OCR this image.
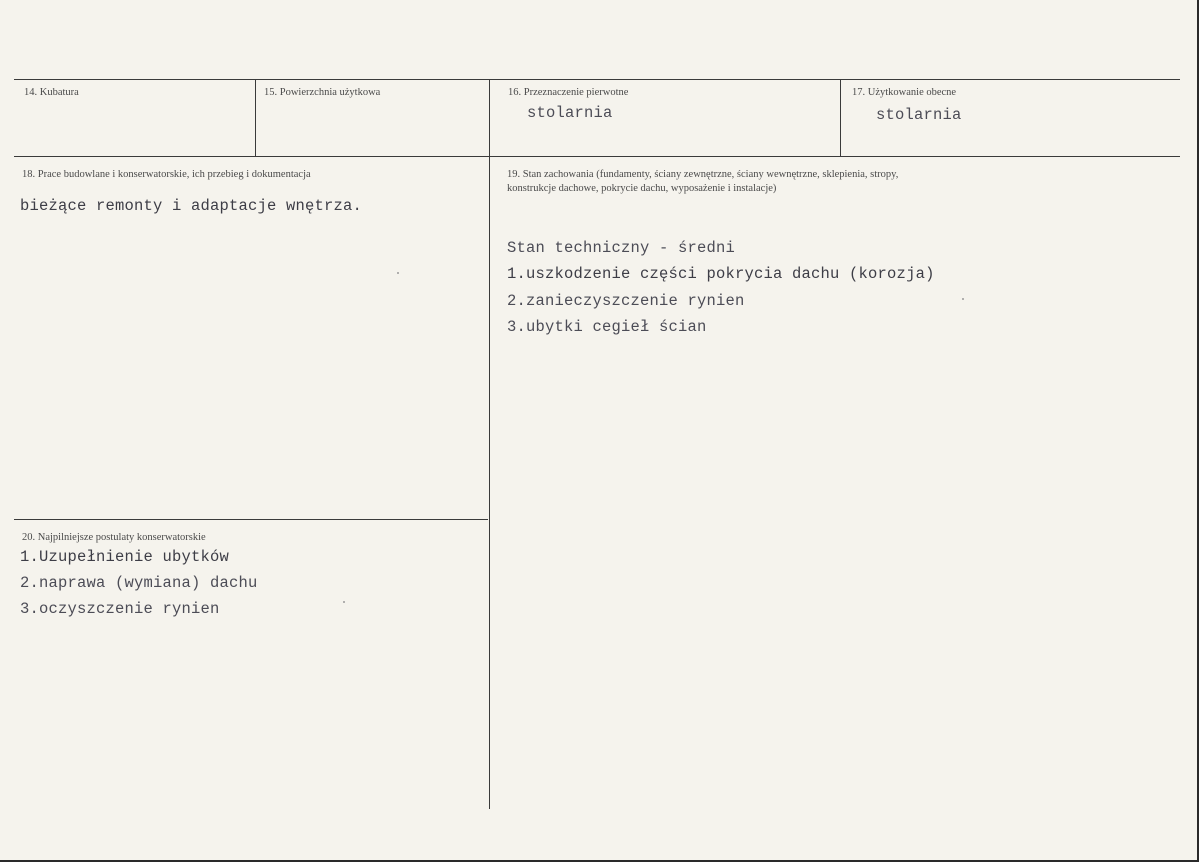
14. Kubatura	15. Powierzchnia użytkowa	16. Przeznaczenie pierwotne
stolarnia
17. Użytkowanie obecne
stolarnia
18. Prace budowlane i konserwatorskie, ich przebieg i dokumentacja
bieżące remonty i adaptacje wnętrza.
19. Stan zachowania (fundamenty, ściany zewnętrzne, ściany wewnętrzne, sklepienia, stropy,
konstrukcje dachowe, pokrycie dachu, wyposażenie i instalacje)
Stan techniczny - średni
1.uszkodzenie części pokrycia dachu (korozja)
2.zanieczyszczenie rynien
3.ubytki cegieł ścian
20. Najpilniejsze postulaty konserwatorskie
1.Uzupełnienie ubytków
2.naprawa (wymiana) dachu
3.oczyszczenie rynien
